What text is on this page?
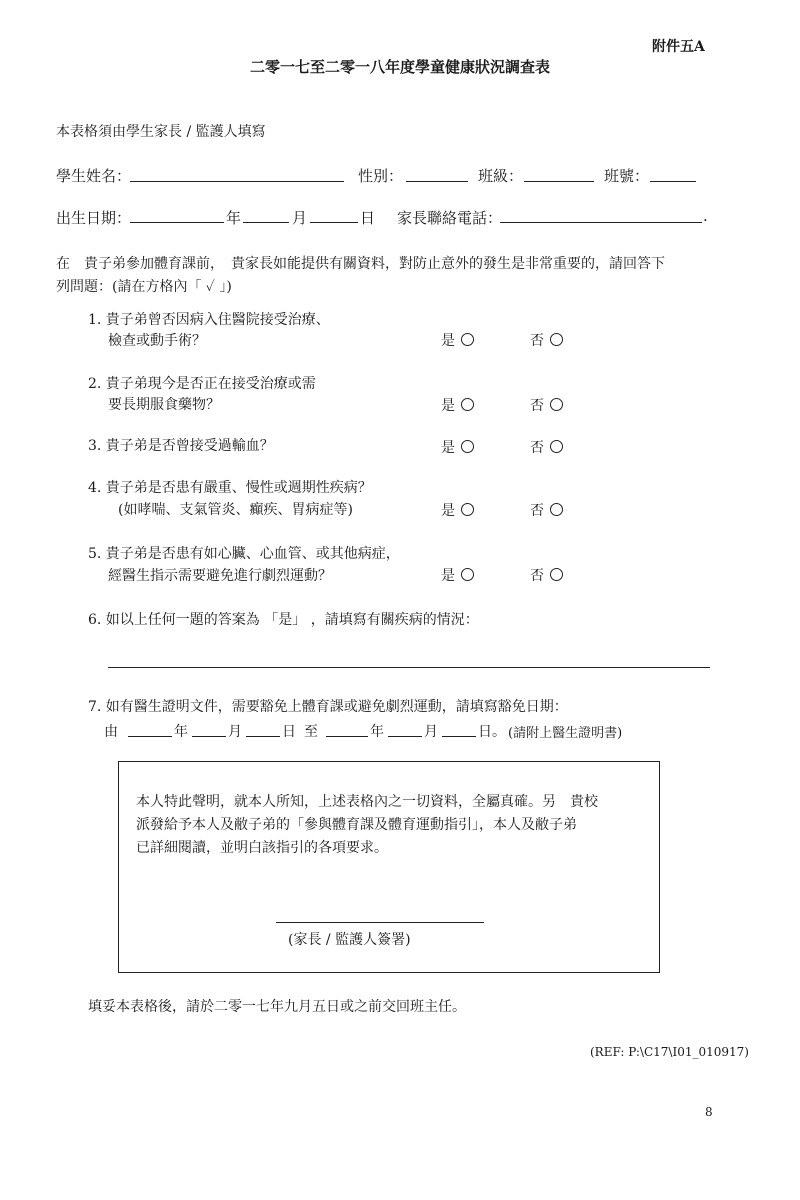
附件五A
二零一七至二零一八年度學童健康狀況調查表
本表格須由學生家長 / 監護人填寫
學生姓名：	性別：	班級：	班號：
出生日期：	年	月	日 家長聯絡電話：	.
在　貴子弟參加體育課前，　貴家長如能提供有關資料，對防止意外的發生是非常重要的，請回答下
列問題：(請在方格內「 ✓ 」)
1. 貴子弟曾否因病入住醫院接受治療、
檢查或動手術？	是	否
2. 貴子弟現今是否正在接受治療或需
要長期服食藥物？	是	否
3. 貴子弟是否曾接受過輸血？	是	否
4. 貴子弟是否患有嚴重、慢性或週期性疾病？
(如哮喘、支氣管炎、癲疾、胃病症等)	是	否
5. 貴子弟是否患有如心臟、心血管、或其他病症，
經醫生指示需要避免進行劇烈運動？	是	否
6. 如以上任何一題的答案為 「是」 ，請填寫有關疾病的情況：
7. 如有醫生證明文件，需要豁免上體育課或避免劇烈運動，請填寫豁免日期：
由	年	月	日 至	年	月	日。 (請附上醫生證明書)
本人特此聲明，就本人所知，上述表格內之一切資料，全屬真確。另　貴校
派發給予本人及敝子弟的「參與體育課及體育運動指引」，本人及敝子弟
已詳細閱讀，並明白該指引的各項要求。
(家長 / 監護人簽署)
填妥本表格後，請於二零一七年九月五日或之前交回班主任。
(REF: P:\C17\I01_010917)
8
